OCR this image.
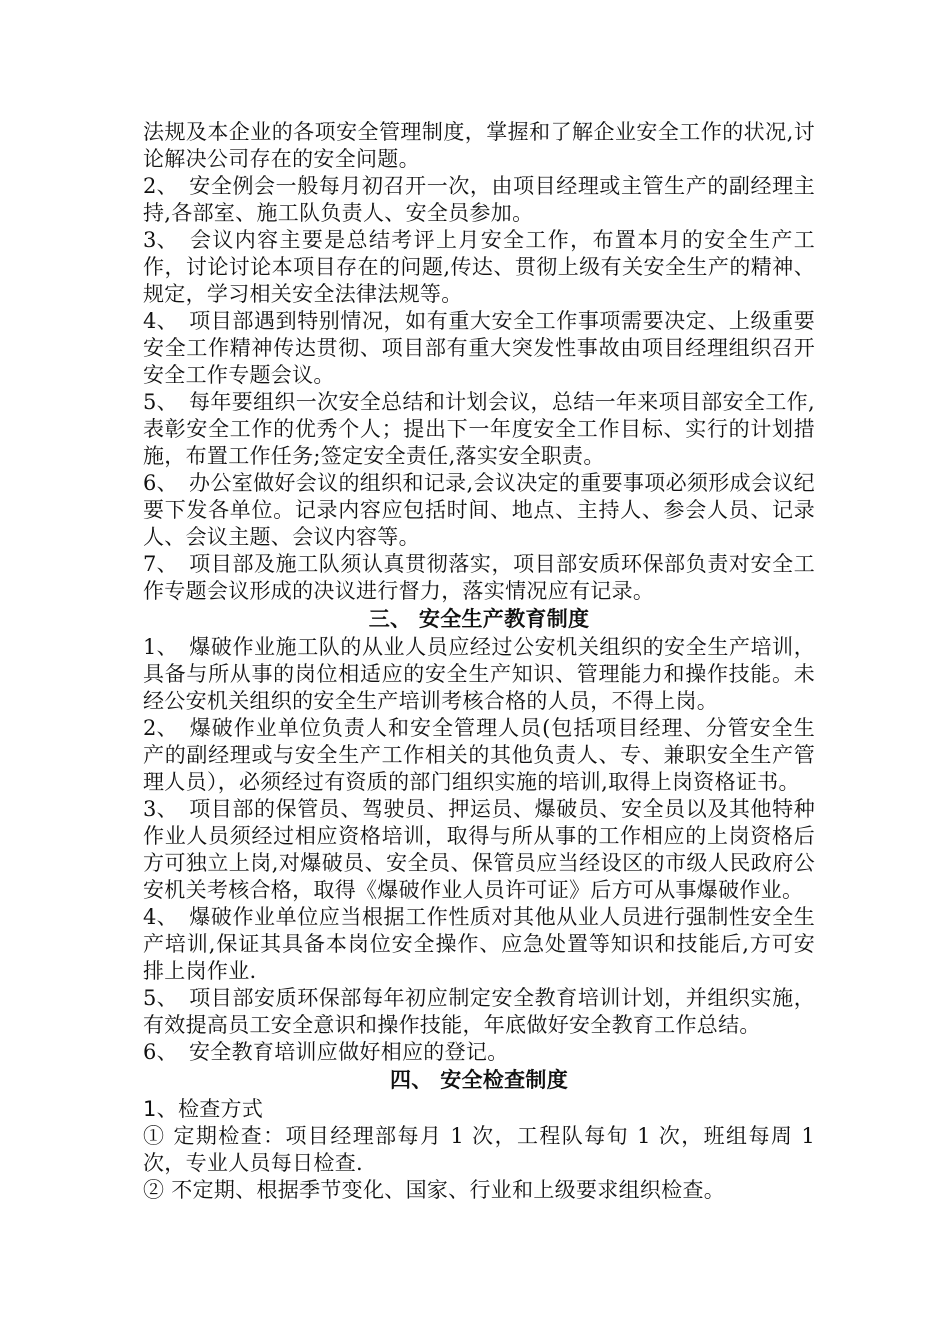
法规及本企业的各项安全管理制度，掌握和了解企业安全工作的状况,讨论解决公司存在的安全问题。

2、 安全例会一般每月初召开一次，由项目经理或主管生产的副经理主持,各部室、施工队负责人、安全员参加。

3、 会议内容主要是总结考评上月安全工作，布置本月的安全生产工作，讨论讨论本项目存在的问题,传达、贯彻上级有关安全生产的精神、规定，学习相关安全法律法规等。

4、 项目部遇到特别情况，如有重大安全工作事项需要决定、上级重要安全工作精神传达贯彻、项目部有重大突发性事故由项目经理组织召开安全工作专题会议。

5、 每年要组织一次安全总结和计划会议，总结一年来项目部安全工作,表彰安全工作的优秀个人；提出下一年度安全工作目标、实行的计划措施，布置工作任务;签定安全责任,落实安全职责。

6、 办公室做好会议的组织和记录,会议决定的重要事项必须形成会议纪要下发各单位。记录内容应包括时间、地点、主持人、参会人员、记录人、会议主题、会议内容等。

7、 项目部及施工队须认真贯彻落实，项目部安质环保部负责对安全工作专题会议形成的决议进行督力，落实情况应有记录。

三、 安全生产教育制度

1、 爆破作业施工队的从业人员应经过公安机关组织的安全生产培训，具备与所从事的岗位相适应的安全生产知识、管理能力和操作技能。未经公安机关组织的安全生产培训考核合格的人员，不得上岗。

2、 爆破作业单位负责人和安全管理人员(包括项目经理、分管安全生产的副经理或与安全生产工作相关的其他负责人、专、兼职安全生产管理人员），必须经过有资质的部门组织实施的培训,取得上岗资格证书。

3、 项目部的保管员、驾驶员、押运员、爆破员、安全员以及其他特种作业人员须经过相应资格培训，取得与所从事的工作相应的上岗资格后方可独立上岗,对爆破员、安全员、保管员应当经设区的市级人民政府公安机关考核合格，取得《爆破作业人员许可证》后方可从事爆破作业。

4、 爆破作业单位应当根据工作性质对其他从业人员进行强制性安全生产培训,保证其具备本岗位安全操作、应急处置等知识和技能后,方可安排上岗作业.

5、 项目部安质环保部每年初应制定安全教育培训计划，并组织实施，有效提高员工安全意识和操作技能，年底做好安全教育工作总结。

6、 安全教育培训应做好相应的登记。

四、 安全检查制度

1、检查方式

① 定期检查：项目经理部每月 1 次，工程队每旬 1 次，班组每周 1 次，专业人员每日检查.

② 不定期、根据季节变化、国家、行业和上级要求组织检查。
